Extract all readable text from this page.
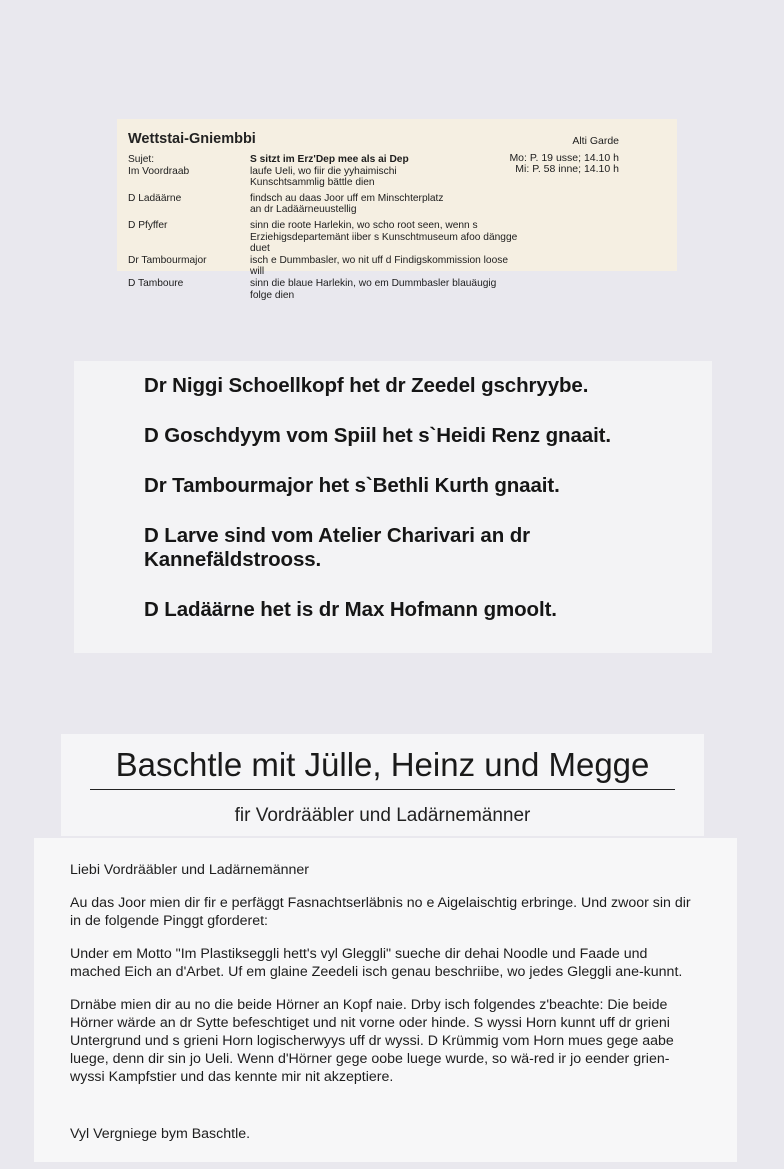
Wettstai-Gniembbi	Alti Garde
Mo: P. 19 usse; 14.10 h
Mi: P. 58 inne; 14.10 h
Sujet:	S sitzt im Erz'Dep mee als ai Dep
Im Voordraab	laufe Ueli, wo fiir die yyhaimischi
Kunschtsammlig bättle dien
D Ladäärne	findsch au daas Joor uff em Minschterplatz
an dr Ladäärneuustellig
D Pfyffer	sinn die roote Harlekin, wo scho root seen, wenn s
Erziehigsdepartemänt iiber s Kunschtmuseum afoo dängge duet
Dr Tambourmajor	isch e Dummbasler, wo nit uff d Findigskommission loose will
D Tamboure	sinn die blaue Harlekin, wo em Dummbasler blauäugig folge dien

Dr Niggi Schoellkopf het dr Zeedel gschryybe.

D Goschdyym vom Spiil het s`Heidi Renz gnaait.

Dr Tambourmajor het s`Bethli Kurth gnaait.

D Larve sind vom Atelier Charivari an dr Kannefäldstrooss.

D Ladäärne het is dr Max Hofmann gmoolt.

Baschtle mit Jülle, Heinz und Megge
fir Vordrääbler und Ladärnemänner

Liebi Vordrääbler und Ladärnemänner

Au das Joor mien dir fir e perfäggt Fasnachtserläbnis no e Aigelaischtig erbringe. Und zwoor sin dir in de folgende Pinggt gforderet:

Under em Motto "Im Plastiksеggli hett's vyl Gleggli" sueche dir dehai Noodle und Faade und mached Eich an d'Arbet. Uf em glaine Zeedeli isch genau beschriibe, wo jedes Gleggli ane-kunnt.

Drnäbe mien dir au no die beide Hörner an Kopf naie. Drby isch folgendes z'beachte: Die beide Hörner wärde an dr Sytte befeschtiget und nit vorne oder hinde. S wyssi Horn kunnt uff dr grieni Untergrund und s grieni Horn logischerwyys uff dr wyssi. D Krümmig vom Horn mues gege aabe luege, denn dir sin jo Ueli. Wenn d'Hörner gege oobe luege wurde, so wä-red ir jo eender grien-wyssi Kampfstier und das kennte mir nit akzeptiere.

Vyl Vergniege bym Baschtle.
